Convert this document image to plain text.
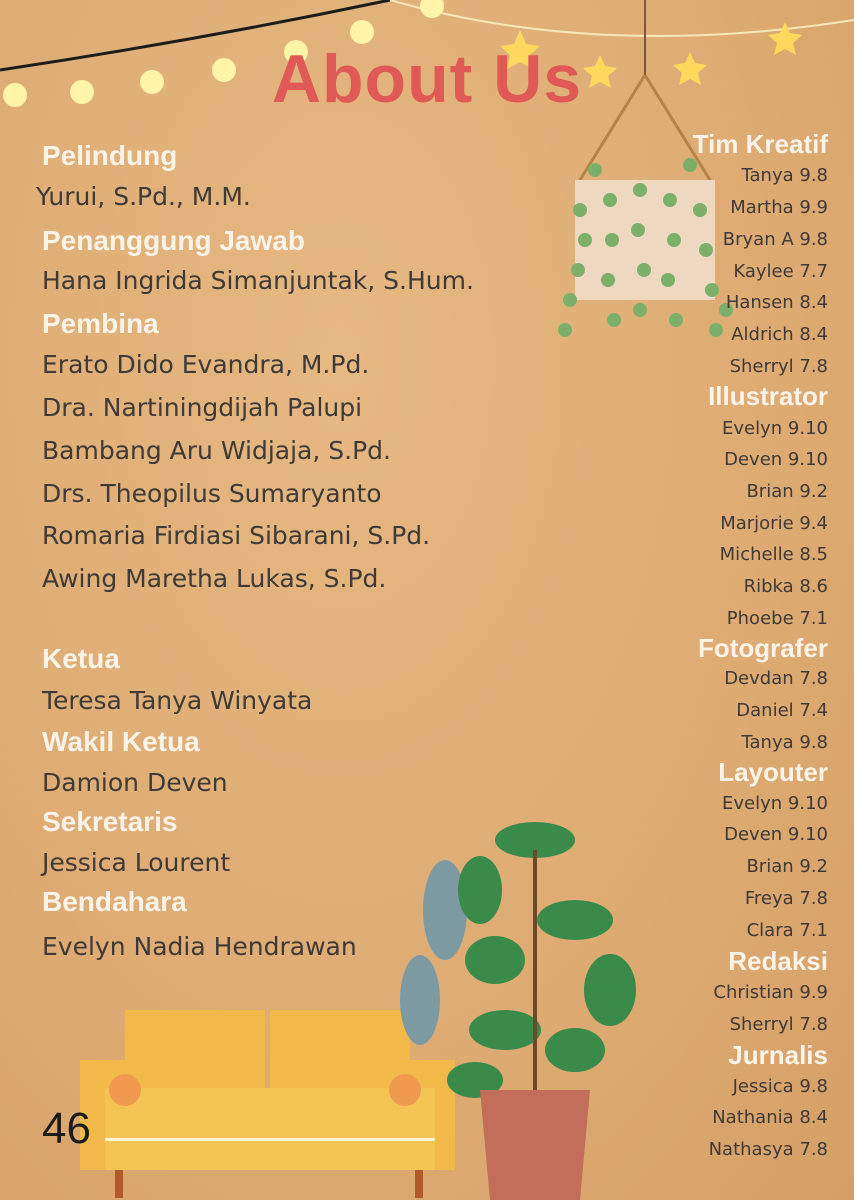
About Us
Pelindung
Yurui, S.Pd., M.M.
Penanggung Jawab
Hana Ingrida Simanjuntak, S.Hum.
Pembina
Erato Dido Evandra, M.Pd.
Dra. Nartiningdijah Palupi
Bambang Aru Widjaja, S.Pd.
Drs. Theopilus Sumaryanto
Romaria Firdiasi Sibarani, S.Pd.
Awing Maretha Lukas, S.Pd.
Ketua
Teresa Tanya Winyata
Wakil Ketua
Damion Deven
Sekretaris
Jessica Lourent
Bendahara
Evelyn Nadia Hendrawan
Tim Kreatif
Tanya 9.8
Martha 9.9
Bryan A 9.8
Kaylee 7.7
Hansen 8.4
Aldrich 8.4
Sherryl 7.8
Illustrator
Evelyn 9.10
Deven 9.10
Brian 9.2
Marjorie 9.4
Michelle 8.5
Ribka 8.6
Phoebe 7.1
Fotografer
Devdan 7.8
Daniel 7.4
Tanya 9.8
Layouter
Evelyn 9.10
Deven 9.10
Brian 9.2
Freya 7.8
Clara 7.1
Redaksi
Christian 9.9
Sherryl 7.8
Jurnalis
Jessica 9.8
Nathania 8.4
Nathasya 7.8
46
